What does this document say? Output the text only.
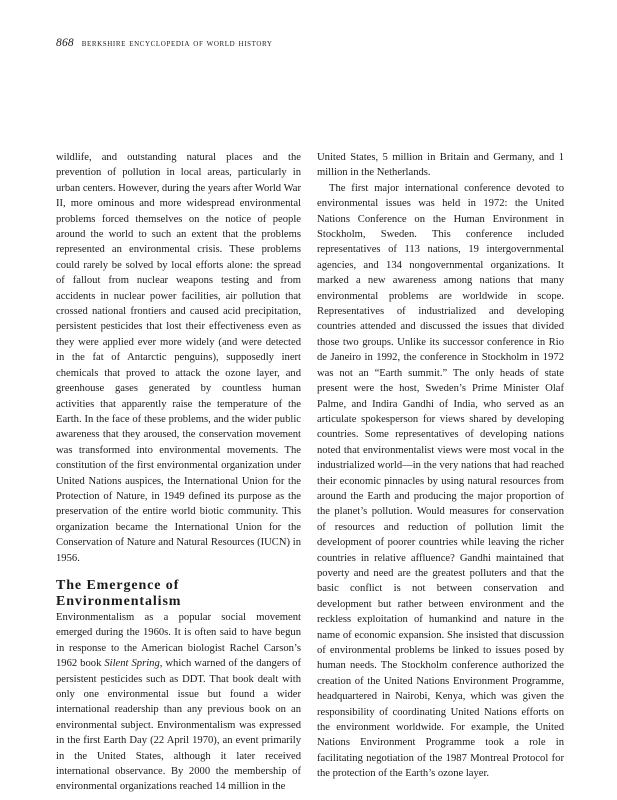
868 berkshire encyclopedia of world history

wildlife, and outstanding natural places and the prevention of pollution in local areas, particularly in urban centers. However, during the years after World War II, more ominous and more widespread environmental problems forced themselves on the notice of people around the world to such an extent that the problems represented an environmental crisis. These problems could rarely be solved by local efforts alone: the spread of fallout from nuclear weapons testing and from accidents in nuclear power facilities, air pollution that crossed national frontiers and caused acid precipitation, persistent pesticides that lost their effectiveness even as they were applied ever more widely (and were detected in the fat of Antarctic penguins), supposedly inert chemicals that proved to attack the ozone layer, and greenhouse gases generated by countless human activities that apparently raise the temperature of the Earth. In the face of these problems, and the wider public awareness that they aroused, the conservation movement was transformed into environmental movements. The constitution of the first environmental organization under United Nations auspices, the International Union for the Protection of Nature, in 1949 defined its purpose as the preservation of the entire world biotic community. This organization became the International Union for the Conservation of Nature and Natural Resources (IUCN) in 1956.

The Emergence of
Environmentalism

Environmentalism as a popular social movement emerged during the 1960s. It is often said to have begun in response to the American biologist Rachel Carson’s 1962 book Silent Spring, which warned of the dangers of persistent pesticides such as DDT. That book dealt with only one environmental issue but found a wider international readership than any previous book on an environmental subject. Environmentalism was expressed in the first Earth Day (22 April 1970), an event primarily in the United States, although it later received international observance. By 2000 the membership of environmental organizations reached 14 million in the

United States, 5 million in Britain and Germany, and 1 million in the Netherlands.

The first major international conference devoted to environmental issues was held in 1972: the United Nations Conference on the Human Environment in Stockholm, Sweden. This conference included representatives of 113 nations, 19 intergovernmental agencies, and 134 nongovernmental organizations. It marked a new awareness among nations that many environmental problems are worldwide in scope. Representatives of industrialized and developing countries attended and discussed the issues that divided those two groups. Unlike its successor conference in Rio de Janeiro in 1992, the conference in Stockholm in 1972 was not an “Earth summit.” The only heads of state present were the host, Sweden’s Prime Minister Olaf Palme, and Indira Gandhi of India, who served as an articulate spokesperson for views shared by developing countries. Some representatives of developing nations noted that environmentalist views were most vocal in the industrialized world—in the very nations that had reached their economic pinnacles by using natural resources from around the Earth and producing the major proportion of the planet’s pollution. Would measures for conservation of resources and reduction of pollution limit the development of poorer countries while leaving the richer countries in relative affluence? Gandhi maintained that poverty and need are the greatest polluters and that the basic conflict is not between conservation and development but rather between environment and the reckless exploitation of humankind and nature in the name of economic expansion. She insisted that discussion of environmental problems be linked to issues posed by human needs. The Stockholm conference authorized the creation of the United Nations Environment Programme, headquartered in Nairobi, Kenya, which was given the responsibility of coordinating United Nations efforts on the environment worldwide. For example, the United Nations Environment Programme took a role in facilitating negotiation of the 1987 Montreal Protocol for the protection of the Earth’s ozone layer.
